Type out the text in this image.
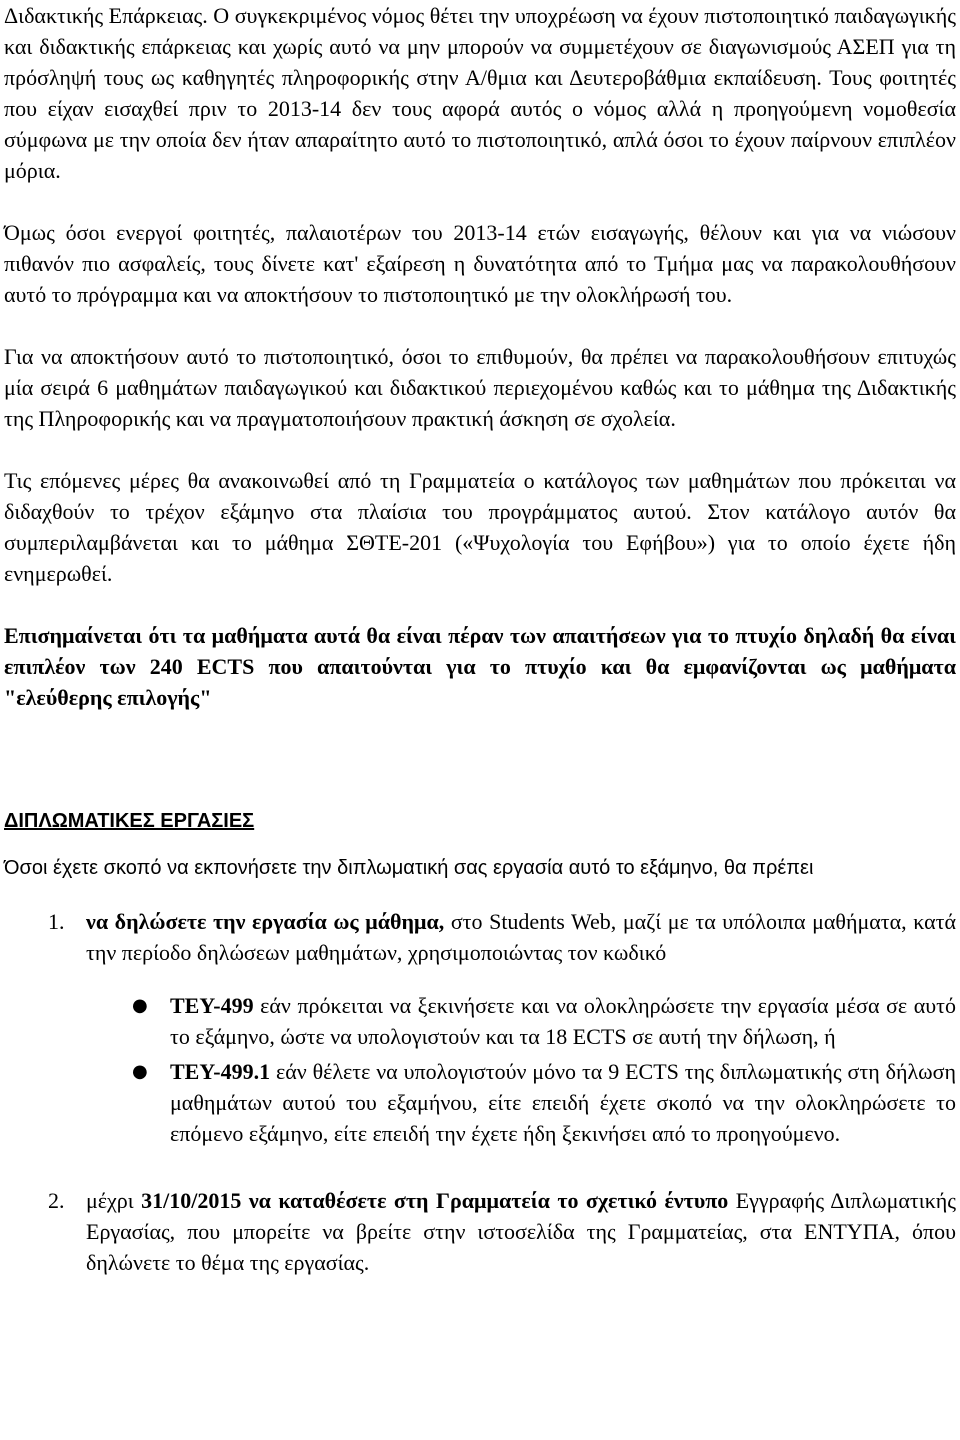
Διδακτικής Επάρκειας. Ο συγκεκριμένος νόμος θέτει την υποχρέωση να έχουν πιστοποιητικό παιδαγωγικής και διδακτικής επάρκειας και χωρίς αυτό να μην μπορούν να συμμετέχουν σε διαγωνισμούς ΑΣΕΠ για τη πρόσληψή τους ως καθηγητές πληροφορικής στην Α/θμια και Δευτεροβάθμια εκπαίδευση. Τους φοιτητές που είχαν εισαχθεί πριν το 2013-14 δεν τους αφορά αυτός ο νόμος αλλά η προηγούμενη νομοθεσία σύμφωνα με την οποία δεν ήταν απαραίτητο αυτό το πιστοποιητικό, απλά όσοι το έχουν παίρνουν επιπλέον μόρια.

Όμως όσοι ενεργοί φοιτητές, παλαιοτέρων του 2013-14 ετών εισαγωγής, θέλουν και για να νιώσουν πιθανόν πιο ασφαλείς, τους δίνετε κατ' εξαίρεση η δυνατότητα από το Τμήμα μας να παρακολουθήσουν αυτό το πρόγραμμα και να αποκτήσουν το πιστοποιητικό με την ολοκλήρωσή του.

Για να αποκτήσουν αυτό το πιστοποιητικό, όσοι το επιθυμούν, θα πρέπει να παρακολουθήσουν επιτυχώς μία σειρά 6 μαθημάτων παιδαγωγικού και διδακτικού περιεχομένου καθώς και το μάθημα της Διδακτικής της Πληροφορικής και να πραγματοποιήσουν πρακτική άσκηση σε σχολεία.

Τις επόμενες μέρες θα ανακοινωθεί από τη Γραμματεία ο κατάλογος των μαθημάτων που πρόκειται να διδαχθούν το τρέχον εξάμηνο στα πλαίσια του προγράμματος αυτού. Στον κατάλογο αυτόν θα συμπεριλαμβάνεται και το μάθημα ΣΘΤΕ-201 («Ψυχολογία του Εφήβου») για το οποίο έχετε ήδη ενημερωθεί.

Επισημαίνεται ότι τα μαθήματα αυτά θα είναι πέραν των απαιτήσεων για το πτυχίο δηλαδή θα είναι επιπλέον των 240 ECTS που απαιτούνται για το πτυχίο και θα εμφανίζονται ως μαθήματα "ελεύθερης επιλογής"

ΔΙΠΛΩΜΑΤΙΚΕΣ ΕΡΓΑΣΙΕΣ

Όσοι έχετε σκοπό να εκπονήσετε την διπλωματική σας εργασία αυτό το εξάμηνο, θα πρέπει

1. να δηλώσετε την εργασία ως μάθημα, στο Students Web, μαζί με τα υπόλοιπα μαθήματα, κατά την περίοδο δηλώσεων μαθημάτων, χρησιμοποιώντας τον κωδικό
● ΤΕΥ-499 εάν πρόκειται να ξεκινήσετε και να ολοκληρώσετε την εργασία μέσα σε αυτό το εξάμηνο, ώστε να υπολογιστούν και τα 18 ECTS σε αυτή την δήλωση, ή
● ΤΕΥ-499.1 εάν θέλετε να υπολογιστούν μόνο τα 9 ECTS της διπλωματικής στη δήλωση μαθημάτων αυτού του εξαμήνου, είτε επειδή έχετε σκοπό να την ολοκληρώσετε το επόμενο εξάμηνο, είτε επειδή την έχετε ήδη ξεκινήσει από το προηγούμενο.
2. μέχρι 31/10/2015 να καταθέσετε στη Γραμματεία το σχετικό έντυπο Εγγραφής Διπλωματικής Εργασίας, που μπορείτε να βρείτε στην ιστοσελίδα της Γραμματείας, στα ΕΝΤΥΠΑ, όπου δηλώνετε το θέμα της εργασίας.
